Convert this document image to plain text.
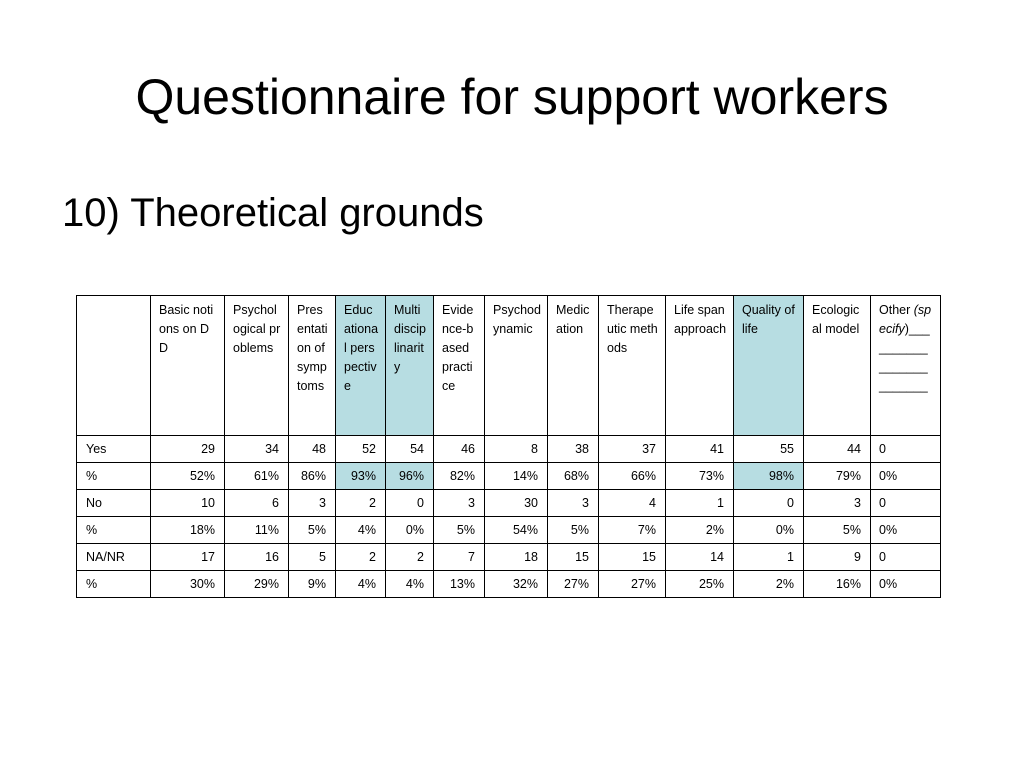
Questionnaire for support workers
10) Theoretical grounds
	Basic notions on DD	Psychological problems	Presentation of symptoms	Educational perspective	Multidisciplinarity	Evidence-based practice	Psychodynamic	Medication	Therapeutic methods	Life span approach	Quality of life	Ecological model	Other (specify)________________________
Yes	29	34	48	52	54	46	8	38	37	41	55	44	0
%	52%	61%	86%	93%	96%	82%	14%	68%	66%	73%	98%	79%	0%
No	10	6	3	2	0	3	30	3	4	1	0	3	0
%	18%	11%	5%	4%	0%	5%	54%	5%	7%	2%	0%	5%	0%
NA/NR	17	16	5	2	2	7	18	15	15	14	1	9	0
%	30%	29%	9%	4%	4%	13%	32%	27%	27%	25%	2%	16%	0%
